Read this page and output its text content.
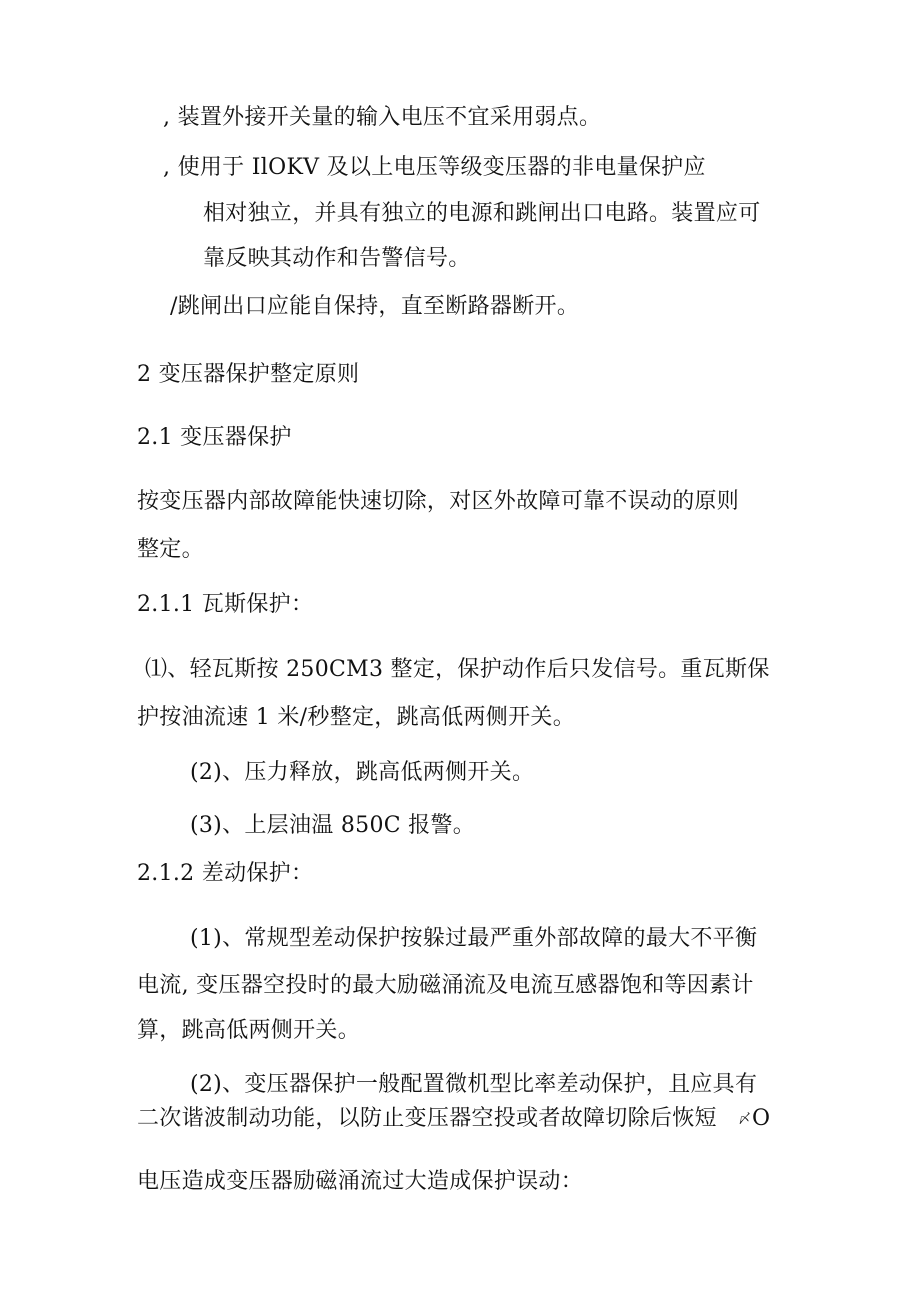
, 装置外接开关量的输入电压不宜采用弱点。
, 使用于 IlOKV 及以上电压等级变压器的非电量保护应
相对独立，并具有独立的电源和跳闸出口电路。装置应可
靠反映其动作和告警信号。
/跳闸出口应能自保持，直至断路器断开。
2 变压器保护整定原则
2.1 变压器保护
按变压器内部故障能快速切除，对区外故障可靠不误动的原则
整定。
2.1.1 瓦斯保护：
⑴、轻瓦斯按 250CM3 整定，保护动作后只发信号。重瓦斯保
护按油流速 1 米/秒整定，跳高低两侧开关。
(2)、压力释放，跳高低两侧开关。
(3)、上层油温 850C 报警。
2.1.2 差动保护：
(1)、常规型差动保护按躲过最严重外部故障的最大不平衡
电流, 变压器空投时的最大励磁涌流及电流互感器饱和等因素计
算，跳高低两侧开关。
(2)、变压器保护一般配置微机型比率差动保护，且应具有
二次谐波制动功能，以防止变压器空投或者故障切除后恢短 〆 O
电压造成变压器励磁涌流过大造成保护误动：
